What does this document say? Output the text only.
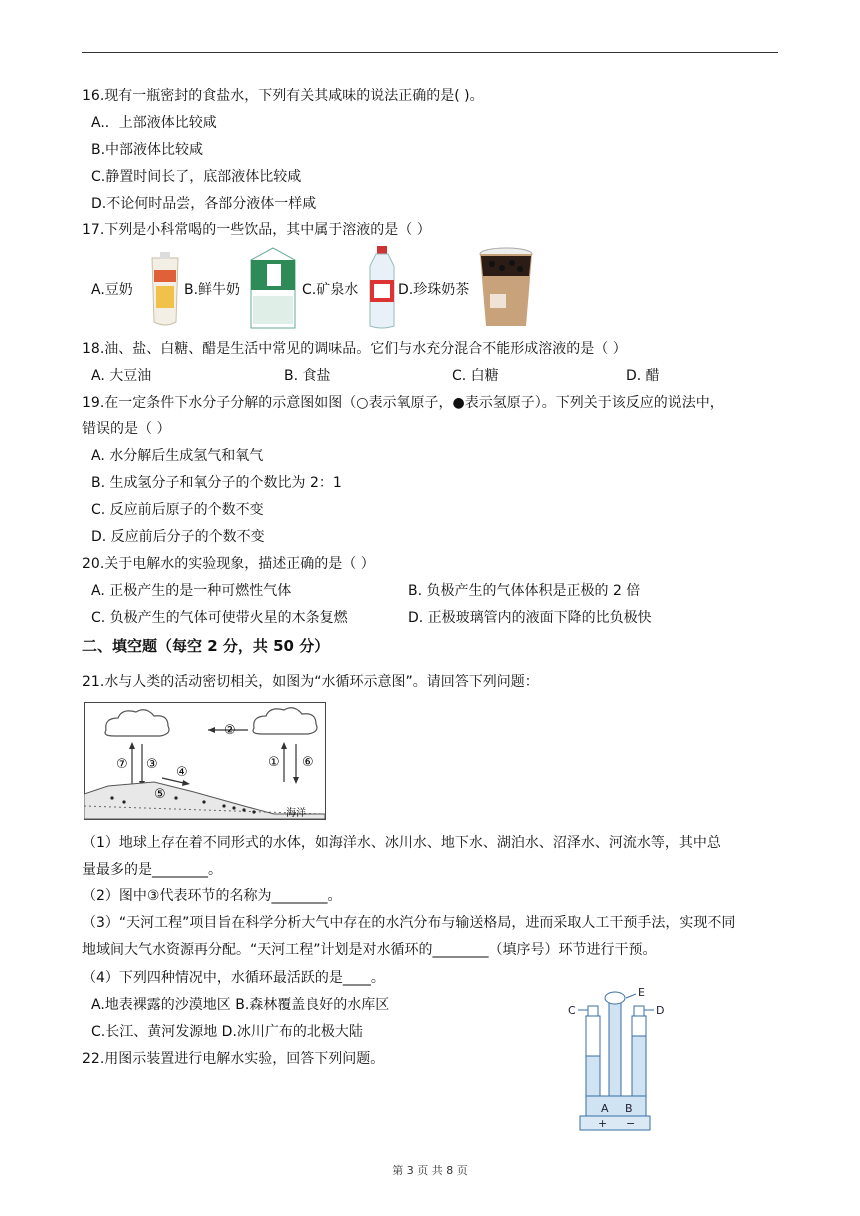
16.现有一瓶密封的食盐水，下列有关其咸味的说法正确的是( )。
A.．上部液体比较咸
B.中部液体比较咸
C.静置时间长了，底部液体比较咸
D.不论何时品尝，各部分液体一样咸
17.下列是小科常喝的一些饮品，其中属于溶液的是（ ）
A.豆奶	B.鲜牛奶	C.矿泉水	D.珍珠奶茶
18.油、盐、白糖、醋是生活中常见的调味品。它们与水充分混合不能形成溶液的是（ ）
A. 大豆油	B. 食盐	C. 白糖	D. 醋
19.在一定条件下水分子分解的示意图如图（○表示氧原子，●表示氢原子）。下列关于该反应的说法中，
错误的是（ ）
A. 水分解后生成氢气和氧气
B. 生成氢分子和氧分子的个数比为 2：1
C. 反应前后原子的个数不变
D. 反应前后分子的个数不变
20.关于电解水的实验现象，描述正确的是（ ）
A. 正极产生的是一种可燃性气体	B. 负极产生的气体体积是正极的 2 倍
C. 负极产生的气体可使带火星的木条复燃	D. 正极玻璃管内的液面下降的比负极快
二、填空题（每空 2 分，共 50 分）
21.水与人类的活动密切相关，如图为“水循环示意图”。请回答下列问题：
②
⑦ ③
④
⑤
① ⑥
海洋
（1）地球上存在着不同形式的水体，如海洋水、冰川水、地下水、湖泊水、沼泽水、河流水等，其中总
量最多的是________。
（2）图中③代表环节的名称为________。
（3）“天河工程”项目旨在科学分析大气中存在的水汽分布与输送格局，进而采取人工干预手法，实现不同
地域间大气水资源再分配。“天河工程”计划是对水循环的________（填序号）环节进行干预。
（4）下列四种情况中，水循环最活跃的是____。
A.地表裸露的沙漠地区 B.森林覆盖良好的水库区
C.长江、黄河发源地 D.冰川广布的北极大陆
22.用图示装置进行电解水实验，回答下列问题。
E
C	D
A B
+ −
第 3 页 共 8 页
